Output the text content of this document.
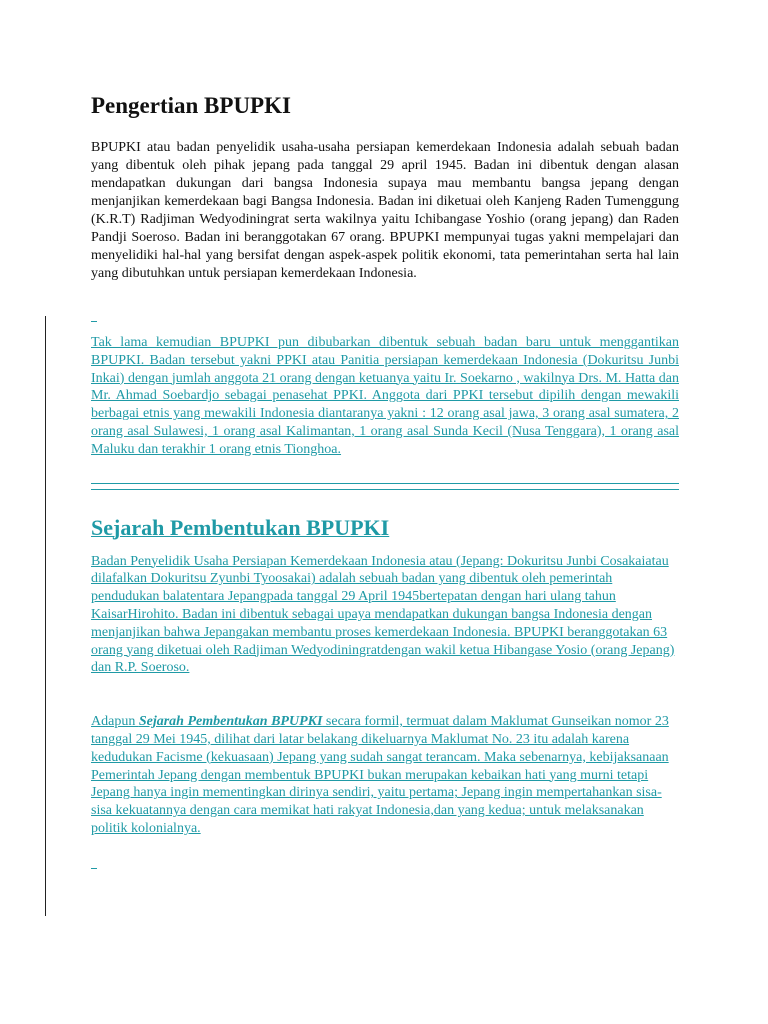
Pengertian BPUPKI

BPUPKI atau badan penyelidik usaha-usaha persiapan kemerdekaan Indonesia adalah sebuah badan yang dibentuk oleh pihak jepang pada tanggal 29 april 1945. Badan ini dibentuk dengan alasan mendapatkan dukungan dari bangsa Indonesia supaya mau membantu bangsa jepang dengan menjanjikan kemerdekaan bagi Bangsa Indonesia. Badan ini diketuai oleh Kanjeng Raden Tumenggung (K.R.T) Radjiman Wedyodiningrat serta wakilnya yaitu Ichibangase Yoshio (orang jepang) dan Raden Pandji Soeroso. Badan ini beranggotakan 67 orang. BPUPKI mempunyai tugas yakni mempelajari dan menyelidiki hal-hal yang bersifat dengan aspek-aspek politik ekonomi, tata pemerintahan serta hal lain yang dibutuhkan untuk persiapan kemerdekaan Indonesia.

Tak lama kemudian BPUPKI pun dibubarkan dibentuk sebuah badan baru untuk menggantikan BPUPKI. Badan tersebut yakni PPKI atau Panitia persiapan kemerdekaan Indonesia (Dokuritsu Junbi Inkai) dengan jumlah anggota 21 orang dengan ketuanya yaitu Ir. Soekarno , wakilnya Drs. M. Hatta dan Mr. Ahmad Soebardjo sebagai penasehat PPKI. Anggota dari PPKI tersebut dipilih dengan mewakili berbagai etnis yang mewakili Indonesia diantaranya yakni : 12 orang asal jawa, 3 orang asal sumatera, 2 orang asal Sulawesi, 1 orang asal Kalimantan, 1 orang asal Sunda Kecil (Nusa Tenggara), 1 orang asal Maluku dan terakhir 1 orang etnis Tionghoa.

Sejarah Pembentukan BPUPKI

Badan Penyelidik Usaha Persiapan Kemerdekaan Indonesia atau (Jepang: Dokuritsu Junbi Cosakaiatau dilafalkan Dokuritsu Zyunbi Tyoosakai) adalah sebuah badan yang dibentuk oleh pemerintah pendudukan balatentara Jepangpada tanggal 29 April 1945bertepatan dengan hari ulang tahun KaisarHirohito. Badan ini dibentuk sebagai upaya mendapatkan dukungan bangsa Indonesia dengan menjanjikan bahwa Jepangakan membantu proses kemerdekaan Indonesia. BPUPKI beranggotakan 63 orang yang diketuai oleh Radjiman Wedyodiningratdengan wakil ketua Hibangase Yosio (orang Jepang) dan R.P. Soeroso.

Adapun Sejarah Pembentukan BPUPKI secara formil, termuat dalam Maklumat Gunseikan nomor 23 tanggal 29 Mei 1945, dilihat dari latar belakang dikeluarnya Maklumat No. 23 itu adalah karena kedudukan Facisme (kekuasaan) Jepang yang sudah sangat terancam. Maka sebenarnya, kebijaksanaan Pemerintah Jepang dengan membentuk BPUPKI bukan merupakan kebaikan hati yang murni tetapi Jepang hanya ingin mementingkan dirinya sendiri, yaitu pertama; Jepang ingin mempertahankan sisa-sisa kekuatannya dengan cara memikat hati rakyat Indonesia,dan yang kedua; untuk melaksanakan politik kolonialnya.
